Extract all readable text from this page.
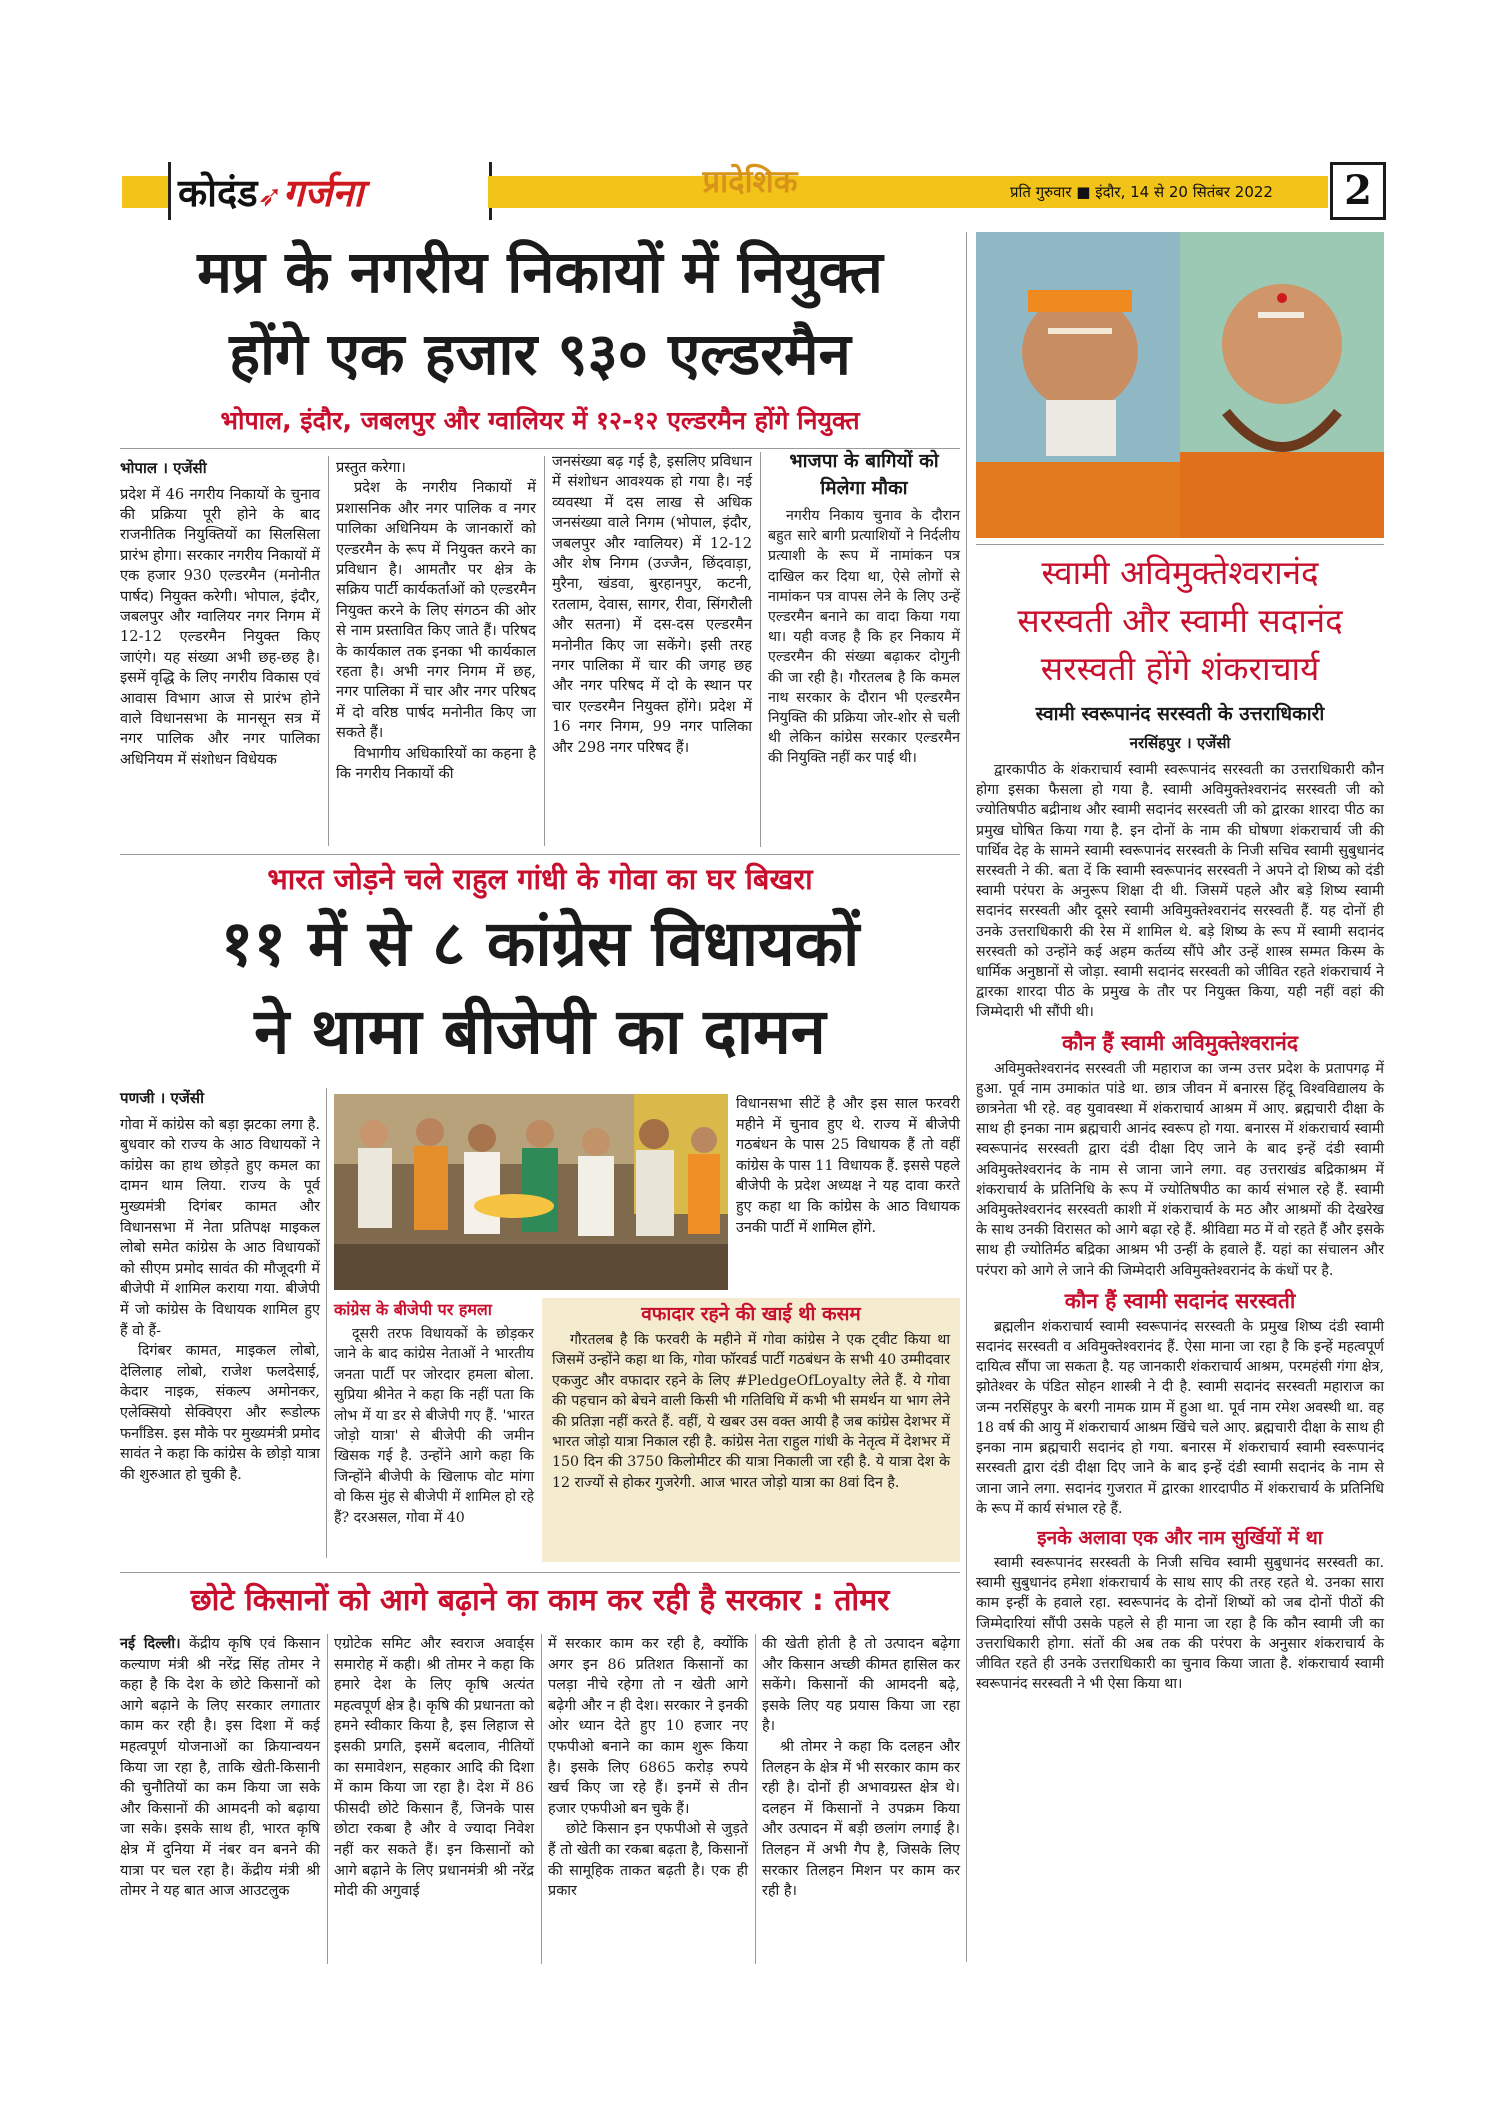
कोदंड➶गर्जना	प्रादेशिक	प्रति गुरुवार ■ इंदौर, 14 से 20 सितंबर 2022	2
मप्र के नगरीय निकायों में नियुक्त
होंगे एक हजार ९३० एल्डरमैन
भोपाल, इंदौर, जबलपुर और ग्वालियर में १२-१२ एल्डरमैन होंगे नियुक्त
भोपाल । एजेंसी

प्रदेश में 46 नगरीय निकायों के चुनाव की प्रक्रिया पूरी होने के बाद राजनीतिक नियुक्तियों का सिलसिला प्रारंभ होगा। सरकार नगरीय निकायों में एक हजार 930 एल्डरमैन (मनोनीत पार्षद) नियुक्त करेगी। भोपाल, इंदौर, जबलपुर और ग्वालियर नगर निगम में 12-12 एल्डरमैन नियुक्त किए जाएंगे। यह संख्या अभी छह-छह है। इसमें वृद्धि के लिए नगरीय विकास एवं आवास विभाग आज से प्रारंभ होने वाले विधानसभा के मानसून सत्र में नगर पालिक और नगर पालिका अधिनियम में संशोधन विधेयक

प्रस्तुत करेगा।

प्रदेश के नगरीय निकायों में प्रशासनिक और नगर पालिक व नगर पालिका अधिनियम के जानकारों को एल्डरमैन के रूप में नियुक्त करने का प्रविधान है। आमतौर पर क्षेत्र के सक्रिय पार्टी कार्यकर्ताओं को एल्डरमैन नियुक्त करने के लिए संगठन की ओर से नाम प्रस्तावित किए जाते हैं। परिषद के कार्यकाल तक इनका भी कार्यकाल रहता है। अभी नगर निगम में छह, नगर पालिका में चार और नगर परिषद में दो वरिष्ठ पार्षद मनोनीत किए जा सकते हैं।

विभागीय अधिकारियों का कहना है कि नगरीय निकायों की

जनसंख्या बढ़ गई है, इसलिए प्रविधान में संशोधन आवश्यक हो गया है। नई व्यवस्था में दस लाख से अधिक जनसंख्या वाले निगम (भोपाल, इंदौर, जबलपुर और ग्वालियर) में 12-12 और शेष निगम (उज्जैन, छिंदवाड़ा, मुरैना, खंडवा, बुरहानपुर, कटनी, रतलाम, देवास, सागर, रीवा, सिंगरौली और सतना) में दस-दस एल्डरमैन मनोनीत किए जा सकेंगे। इसी तरह नगर पालिका में चार की जगह छह और नगर परिषद में दो के स्थान पर चार एल्डरमैन नियुक्त होंगे। प्रदेश में 16 नगर निगम, 99 नगर पालिका और 298 नगर परिषद हैं।

भाजपा के बागियों को मिलेगा मौका

नगरीय निकाय चुनाव के दौरान बहुत सारे बागी प्रत्याशियों ने निर्दलीय प्रत्याशी के रूप में नामांकन पत्र दाखिल कर दिया था, ऐसे लोगों से नामांकन पत्र वापस लेने के लिए उन्हें एल्डरमैन बनाने का वादा किया गया था। यही वजह है कि हर निकाय में एल्डरमैन की संख्या बढ़ाकर दोगुनी की जा रही है। गौरतलब है कि कमल नाथ सरकार के दौरान भी एल्डरमैन नियुक्ति की प्रक्रिया जोर-शोर से चली थी लेकिन कांग्रेस सरकार एल्डरमैन की नियुक्ति नहीं कर पाई थी।

भारत जोड़ने चले राहुल गांधी के गोवा का घर बिखरा
११ में से ८ कांग्रेस विधायकों
ने थामा बीजेपी का दामन
पणजी । एजेंसी

गोवा में कांग्रेस को बड़ा झटका लगा है. बुधवार को राज्य के आठ विधायकों ने कांग्रेस का हाथ छोड़ते हुए कमल का दामन थाम लिया. राज्य के पूर्व मुख्यमंत्री दिगंबर कामत और विधानसभा में नेता प्रतिपक्ष माइकल लोबो समेत कांग्रेस के आठ विधायकों को सीएम प्रमोद सावंत की मौजूदगी में बीजेपी में शामिल कराया गया. बीजेपी में जो कांग्रेस के विधायक शामिल हुए हैं वो हैं-

दिगंबर कामत, माइकल लोबो, देलिलाह लोबो, राजेश फलदेसाई, केदार नाइक, संकल्प अमोनकर, एलेक्सियो सेक्विएरा और रूडोल्फ फर्नांडिस. इस मौके पर मुख्यमंत्री प्रमोद सावंत ने कहा कि कांग्रेस के छोड़ो यात्रा की शुरुआत हो चुकी है.

विधानसभा सीटें है और इस साल फरवरी महीने में चुनाव हुए थे. राज्य में बीजेपी गठबंधन के पास 25 विधायक हैं तो वहीं कांग्रेस के पास 11 विधायक हैं. इससे पहले बीजेपी के प्रदेश अध्यक्ष ने यह दावा करते हुए कहा था कि कांग्रेस के आठ विधायक उनकी पार्टी में शामिल होंगे.

कांग्रेस के बीजेपी पर हमला

दूसरी तरफ विधायकों के छोड़कर जाने के बाद कांग्रेस नेताओं ने भारतीय जनता पार्टी पर जोरदार हमला बोला. सुप्रिया श्रीनेत ने कहा कि नहीं पता कि लोभ में या डर से बीजेपी गए हैं. 'भारत जोड़ो यात्रा' से बीजेपी की जमीन खिसक गई है. उन्होंने आगे कहा कि जिन्होंने बीजेपी के खिलाफ वोट मांगा वो किस मुंह से बीजेपी में शामिल हो रहे हैं? दरअसल, गोवा में 40

वफादार रहने की खाई थी कसम

गौरतलब है कि फरवरी के महीने में गोवा कांग्रेस ने एक ट्वीट किया था जिसमें उन्होंने कहा था कि, गोवा फॉरवर्ड पार्टी गठबंधन के सभी 40 उम्मीदवार एकजुट और वफादार रहने के लिए #PledgeOfLoyalty लेते हैं. ये गोवा की पहचान को बेचने वाली किसी भी गतिविधि में कभी भी समर्थन या भाग लेने की प्रतिज्ञा नहीं करते हैं. वहीं, ये खबर उस वक्त आयी है जब कांग्रेस देशभर में भारत जोड़ो यात्रा निकाल रही है. कांग्रेस नेता राहुल गांधी के नेतृत्व में देशभर में 150 दिन की 3750 किलोमीटर की यात्रा निकाली जा रही है. ये यात्रा देश के 12 राज्यों से होकर गुजरेगी. आज भारत जोड़ो यात्रा का 8वां दिन है.

छोटे किसानों को आगे बढ़ाने का काम कर रही है सरकार : तोमर

नई दिल्ली। केंद्रीय कृषि एवं किसान कल्याण मंत्री श्री नरेंद्र सिंह तोमर ने कहा है कि देश के छोटे किसानों को आगे बढ़ाने के लिए सरकार लगातार काम कर रही है। इस दिशा में कई महत्वपूर्ण योजनाओं का क्रियान्वयन किया जा रहा है, ताकि खेती-किसानी की चुनौतियों का कम किया जा सके और किसानों की आमदनी को बढ़ाया जा सके। इसके साथ ही, भारत कृषि क्षेत्र में दुनिया में नंबर वन बनने की यात्रा पर चल रहा है। केंद्रीय मंत्री श्री तोमर ने यह बात आज आउटलुक

एग्रोटेक समिट और स्वराज अवार्ड्स समारोह में कही। श्री तोमर ने कहा कि हमारे देश के लिए कृषि अत्यंत महत्वपूर्ण क्षेत्र है। कृषि की प्रधानता को हमने स्वीकार किया है, इस लिहाज से इसकी प्रगति, इसमें बदलाव, नीतियों का समावेशन, सहकार आदि की दिशा में काम किया जा रहा है। देश में 86 फीसदी छोटे किसान हैं, जिनके पास छोटा रकबा है और वे ज्यादा निवेश नहीं कर सकते हैं। इन किसानों को आगे बढ़ाने के लिए प्रधानमंत्री श्री नरेंद्र मोदी की अगुवाई

में सरकार काम कर रही है, क्योंकि अगर इन 86 प्रतिशत किसानों का पलड़ा नीचे रहेगा तो न खेती आगे बढ़ेगी और न ही देश। सरकार ने इनकी ओर ध्यान देते हुए 10 हजार नए एफपीओ बनाने का काम शुरू किया है। इसके लिए 6865 करोड़ रुपये खर्च किए जा रहे हैं। इनमें से तीन हजार एफपीओ बन चुके हैं।

छोटे किसान इन एफपीओ से जुड़ते हैं तो खेती का रकबा बढ़ता है, किसानों की सामूहिक ताकत बढ़ती है। एक ही प्रकार

की खेती होती है तो उत्पादन बढ़ेगा और किसान अच्छी कीमत हासिल कर सकेंगे। किसानों की आमदनी बढ़े, इसके लिए यह प्रयास किया जा रहा है।

श्री तोमर ने कहा कि दलहन और तिलहन के क्षेत्र में भी सरकार काम कर रही है। दोनों ही अभावग्रस्त क्षेत्र थे। दलहन में किसानों ने उपक्रम किया और उत्पादन में बड़ी छलांग लगाई है। तिलहन में अभी गैप है, जिसके लिए सरकार तिलहन मिशन पर काम कर रही है।

स्वामी अविमुक्तेश्वरानंद
सरस्वती और स्वामी सदानंद
सरस्वती होंगे शंकराचार्य
स्वामी स्वरूपानंद सरस्वती के उत्तराधिकारी
नरसिंहपुर । एजेंसी

द्वारकापीठ के शंकराचार्य स्वामी स्वरूपानंद सरस्वती का उत्तराधिकारी कौन होगा इसका फैसला हो गया है. स्वामी अविमुक्तेश्वरानंद सरस्वती जी को ज्योतिषपीठ बद्रीनाथ और स्वामी सदानंद सरस्वती जी को द्वारका शारदा पीठ का प्रमुख घोषित किया गया है. इन दोनों के नाम की घोषणा शंकराचार्य जी की पार्थिव देह के सामने स्वामी स्वरूपानंद सरस्वती के निजी सचिव स्वामी सुबुधानंद सरस्वती ने की. बता दें कि स्वामी स्वरूपानंद सरस्वती ने अपने दो शिष्य को दंडी स्वामी परंपरा के अनुरूप शिक्षा दी थी. जिसमें पहले और बड़े शिष्य स्वामी सदानंद सरस्वती और दूसरे स्वामी अविमुक्तेश्वरानंद सरस्वती हैं. यह दोनों ही उनके उत्तराधिकारी की रेस में शामिल थे. बड़े शिष्य के रूप में स्वामी सदानंद सरस्वती को उन्होंने कई अहम कर्तव्य सौंपे और उन्हें शास्त्र सम्मत किस्म के धार्मिक अनुष्ठानों से जोड़ा. स्वामी सदानंद सरस्वती को जीवित रहते शंकराचार्य ने द्वारका शारदा पीठ के प्रमुख के तौर पर नियुक्त किया, यही नहीं वहां की जिम्मेदारी भी सौंपी थी।

कौन हैं स्वामी अविमुक्तेश्वरानंद

अविमुक्तेश्वरानंद सरस्वती जी महाराज का जन्म उत्तर प्रदेश के प्रतापगढ़ में हुआ. पूर्व नाम उमाकांत पांडे था. छात्र जीवन में बनारस हिंदू विश्वविद्यालय के छात्रनेता भी रहे. वह युवावस्था में शंकराचार्य आश्रम में आए. ब्रह्मचारी दीक्षा के साथ ही इनका नाम ब्रह्मचारी आनंद स्वरूप हो गया. बनारस में शंकराचार्य स्वामी स्वरूपानंद सरस्वती द्वारा दंडी दीक्षा दिए जाने के बाद इन्हें दंडी स्वामी अविमुक्तेश्वरानंद के नाम से जाना जाने लगा. वह उत्तराखंड बद्रिकाश्रम में शंकराचार्य के प्रतिनिधि के रूप में ज्योतिषपीठ का कार्य संभाल रहे हैं. स्वामी अविमुक्तेश्वरानंद सरस्वती काशी में शंकराचार्य के मठ और आश्रमों की देखरेख के साथ उनकी विरासत को आगे बढ़ा रहे हैं. श्रीविद्या मठ में वो रहते हैं और इसके साथ ही ज्योतिर्मठ बद्रिका आश्रम भी उन्हीं के हवाले हैं. यहां का संचालन और परंपरा को आगे ले जाने की जिम्मेदारी अविमुक्तेश्वरानंद के कंधों पर है.

कौन हैं स्वामी सदानंद सरस्वती

ब्रह्मलीन शंकराचार्य स्वामी स्वरूपानंद सरस्वती के प्रमुख शिष्य दंडी स्वामी सदानंद सरस्वती व अविमुक्तेश्वरानंद हैं. ऐसा माना जा रहा है कि इन्हें महत्वपूर्ण दायित्व सौंपा जा सकता है. यह जानकारी शंकराचार्य आश्रम, परमहंसी गंगा क्षेत्र, झोतेश्वर के पंडित सोहन शास्त्री ने दी है. स्वामी सदानंद सरस्वती महाराज का जन्म नरसिंहपुर के बरगी नामक ग्राम में हुआ था. पूर्व नाम रमेश अवस्थी था. वह 18 वर्ष की आयु में शंकराचार्य आश्रम खिंचे चले आए. ब्रह्मचारी दीक्षा के साथ ही इनका नाम ब्रह्मचारी सदानंद हो गया. बनारस में शंकराचार्य स्वामी स्वरूपानंद सरस्वती द्वारा दंडी दीक्षा दिए जाने के बाद इन्हें दंडी स्वामी सदानंद के नाम से जाना जाने लगा. सदानंद गुजरात में द्वारका शारदापीठ में शंकराचार्य के प्रतिनिधि के रूप में कार्य संभाल रहे हैं.

इनके अलावा एक और नाम सुर्खियों में था

स्वामी स्वरूपानंद सरस्वती के निजी सचिव स्वामी सुबुधानंद सरस्वती का. स्वामी सुबुधानंद हमेशा शंकराचार्य के साथ साए की तरह रहते थे. उनका सारा काम इन्हीं के हवाले रहा. स्वरूपानंद के दोनों शिष्यों को जब दोनों पीठों की जिम्मेदारियां सौंपी उसके पहले से ही माना जा रहा है कि कौन स्वामी जी का उत्तराधिकारी होगा. संतों की अब तक की परंपरा के अनुसार शंकराचार्य के जीवित रहते ही उनके उत्तराधिकारी का चुनाव किया जाता है. शंकराचार्य स्वामी स्वरूपानंद सरस्वती ने भी ऐसा किया था।
